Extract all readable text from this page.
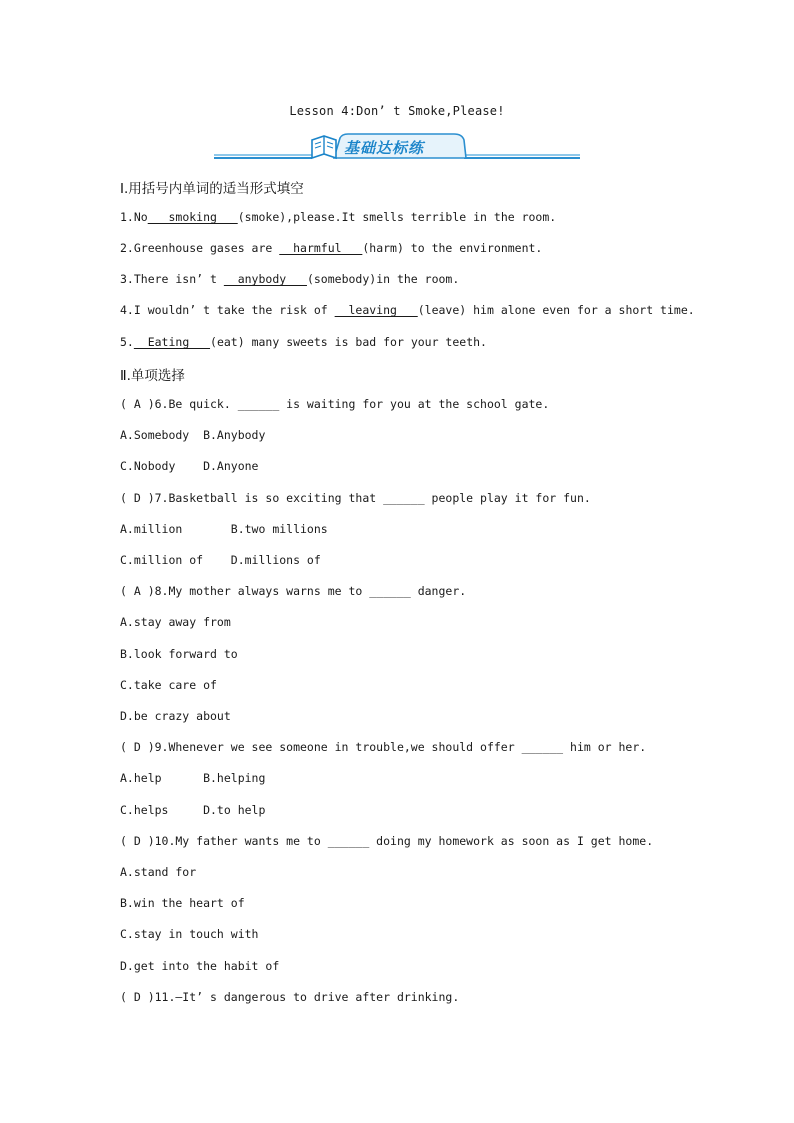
Lesson 4:Don’ t Smoke,Please!
基础达标练
Ⅰ.用括号内单词的适当形式填空
1.No   smoking   (smoke),please.It smells terrible in the room.
2.Greenhouse gases are   harmful   (harm) to the environment.
3.There isn’ t   anybody   (somebody)in the room.
4.I wouldn’ t take the risk of   leaving   (leave) him alone even for a short time.
5.  Eating   (eat) many sweets is bad for your teeth.
Ⅱ.单项选择
( A )6.Be quick. ______ is waiting for you at the school gate.
A.Somebody  B.Anybody
C.Nobody    D.Anyone
( D )7.Basketball is so exciting that ______ people play it for fun.
A.million       B.two millions
C.million of    D.millions of
( A )8.My mother always warns me to ______ danger.
A.stay away from
B.look forward to
C.take care of
D.be crazy about
( D )9.Whenever we see someone in trouble,we should offer ______ him or her.
A.help      B.helping
C.helps     D.to help
( D )10.My father wants me to ______ doing my homework as soon as I get home.
A.stand for
B.win the heart of
C.stay in touch with
D.get into the habit of
( D )11.—It’ s dangerous to drive after drinking.
